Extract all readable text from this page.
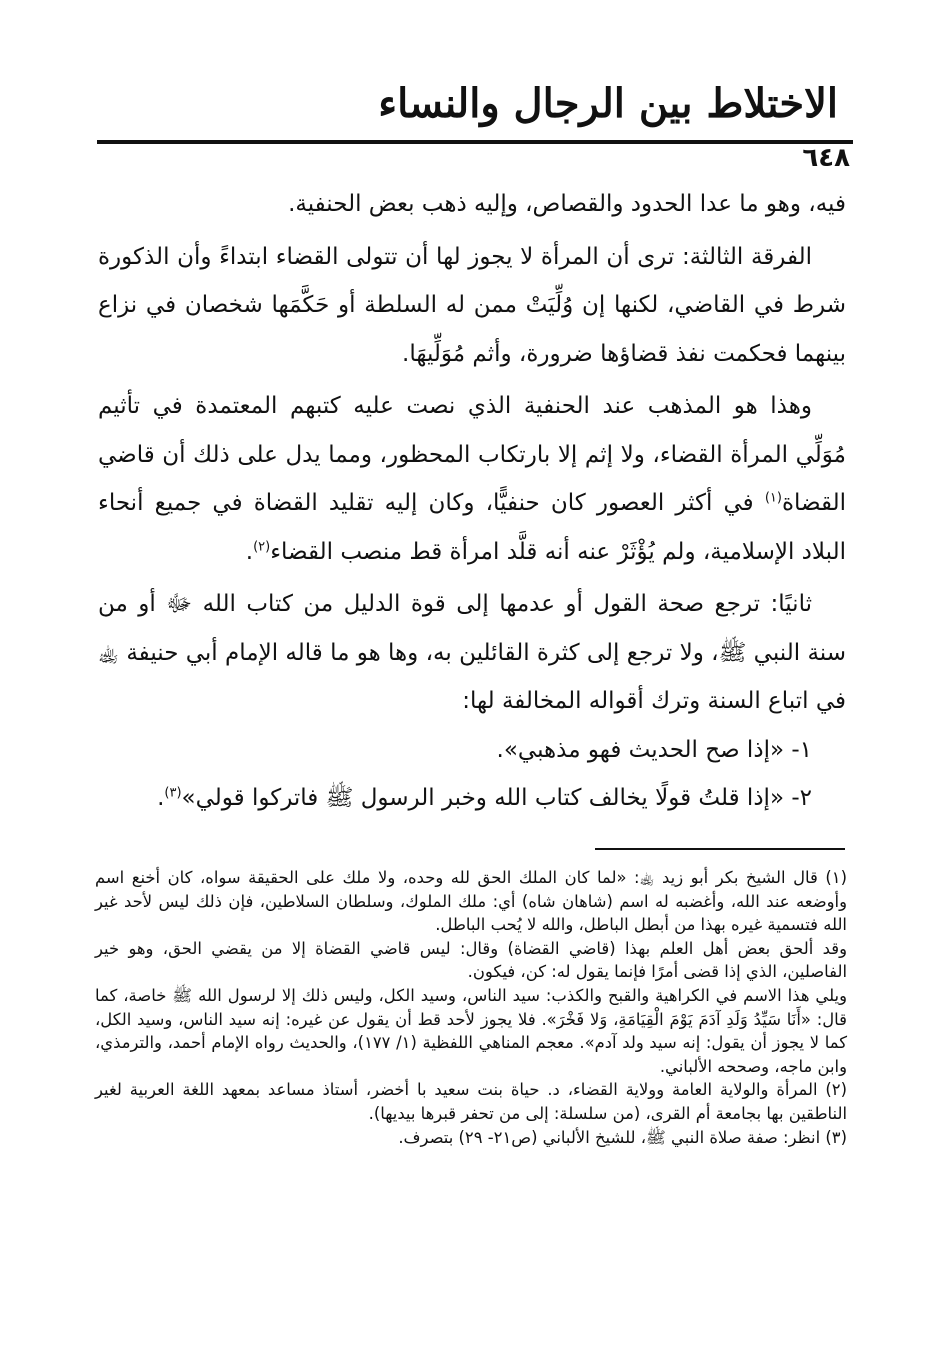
الاختلاط بين الرجال والنساء
٦٤٨

فيه، وهو ما عدا الحدود والقصاص، وإليه ذهب بعض الحنفية.

الفرقة الثالثة: ترى أن المرأة لا يجوز لها أن تتولى القضاء ابتداءً وأن الذكورة شرط في القاضي، لكنها إن وُلِّيَتْ ممن له السلطة أو حَكَّمَها شخصان في نزاع بينهما فحكمت نفذ قضاؤها ضرورة، وأثم مُوَلِّيهَا.

وهذا هو المذهب عند الحنفية الذي نصت عليه كتبهم المعتمدة في تأثيم مُوَلِّي المرأة القضاء، ولا إثم إلا بارتكاب المحظور، ومما يدل على ذلك أن قاضي القضاة$^{(١)}$ في أكثر العصور كان حنفيًّا، وكان إليه تقليد القضاة في جميع أنحاء البلاد الإسلامية، ولم يُؤْثَرْ عنه أنه قلَّد امرأة قط منصب القضاء$^{(٢)}$.

ثانيًا: ترجع صحة القول أو عدمها إلى قوة الدليل من كتاب الله ﷻ أو من سنة النبي ﷺ، ولا ترجع إلى كثرة القائلين به، وها هو ما قاله الإمام أبي حنيفة ﵀ في اتباع السنة وترك أقواله المخالفة لها:

١- «إذا صح الحديث فهو مذهبي».

٢- «إذا قلتُ قولًا يخالف كتاب الله وخبر الرسول ﷺ فاتركوا قولي»$^{(٣)}$.

(١) قال الشيخ بكر أبو زيد ﵀: «لما كان الملك الحق لله وحده، ولا ملك على الحقيقة سواه، كان أخنع اسم وأوضعه عند الله، وأغضبه له اسم (شاهان شاه) أي: ملك الملوك، وسلطان السلاطين، فإن ذلك ليس لأحد غير الله فتسمية غيره بهذا من أبطل الباطل، والله لا يُحب الباطل.

وقد ألحق بعض أهل العلم بهذا (قاضي القضاة) وقال: ليس قاضي القضاة إلا من يقضي الحق، وهو خير الفاصلين، الذي إذا قضى أمرًا فإنما يقول له: كن، فيكون.

ويلي هذا الاسم في الكراهية والقبح والكذب: سيد الناس، وسيد الكل، وليس ذلك إلا لرسول الله ﷺ خاصة، كما قال: «أَنَا سَيِّدُ وَلَدِ آدَمَ يَوْمَ الْقِيَامَةِ، وَلا فَخْرَ». فلا يجوز لأحد قط أن يقول عن غيره: إنه سيد الناس، وسيد الكل، كما لا يجوز أن يقول: إنه سيد ولد آدم». معجم المناهي اللفظية (١/ ١٧٧)، والحديث رواه الإمام أحمد، والترمذي، وابن ماجه، وصححه الألباني.

(٢) المرأة والولاية العامة وولاية القضاء، د. حياة بنت سعيد با أخضر، أستاذ مساعد بمعهد اللغة العربية لغير الناطقين بها بجامعة أم القرى، (من سلسلة: إلى من تحفر قبرها بيديها).

(٣) انظر: صفة صلاة النبي ﷺ، للشيخ الألباني (ص٢١- ٢٩) بتصرف.
